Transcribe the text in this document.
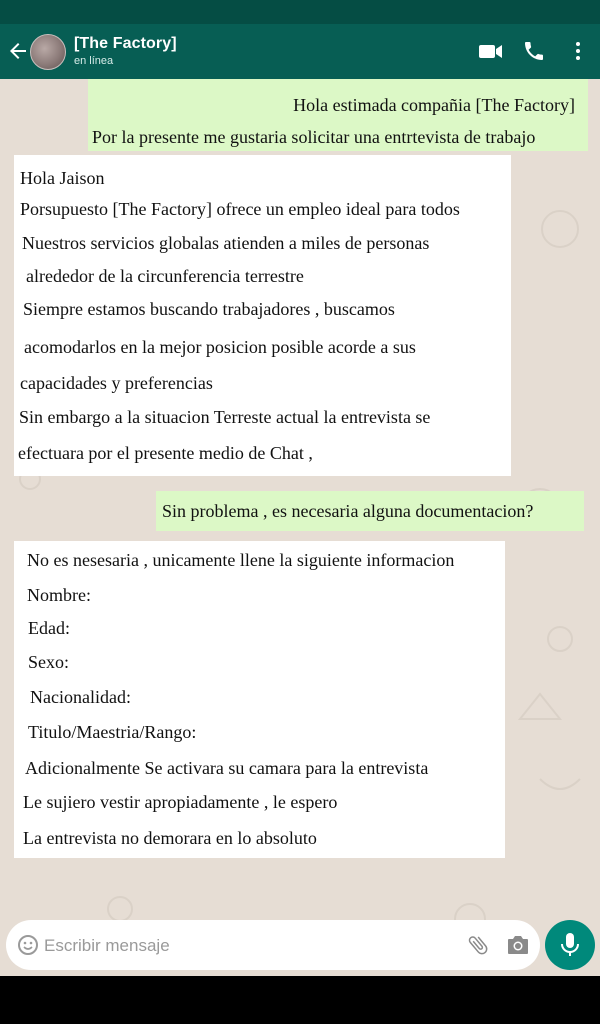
[The Factory]
en línea
Hola estimada compañia [The Factory]
Por la presente me gustaria solicitar una entrtevista de trabajo
Hola Jaison
Porsupuesto [The Factory] ofrece un empleo ideal para todos
Nuestros servicios globalas atienden a miles de personas
alrededor de la circunferencia terrestre
Siempre estamos buscando trabajadores , buscamos
acomodarlos en la mejor posicion posible acorde a sus
capacidades y preferencias
Sin embargo a la situacion Terreste actual la entrevista se
efectuara por el presente medio de Chat ,
Sin problema , es necesaria alguna documentacion?
No es nesesaria , unicamente llene la siguiente informacion
Nombre:
Edad:
Sexo:
Nacionalidad:
Titulo/Maestria/Rango:
Adicionalmente Se activara su camara para la entrevista
Le sujiero vestir apropiadamente , le espero
La entrevista no demorara en lo absoluto
Escribir mensaje
